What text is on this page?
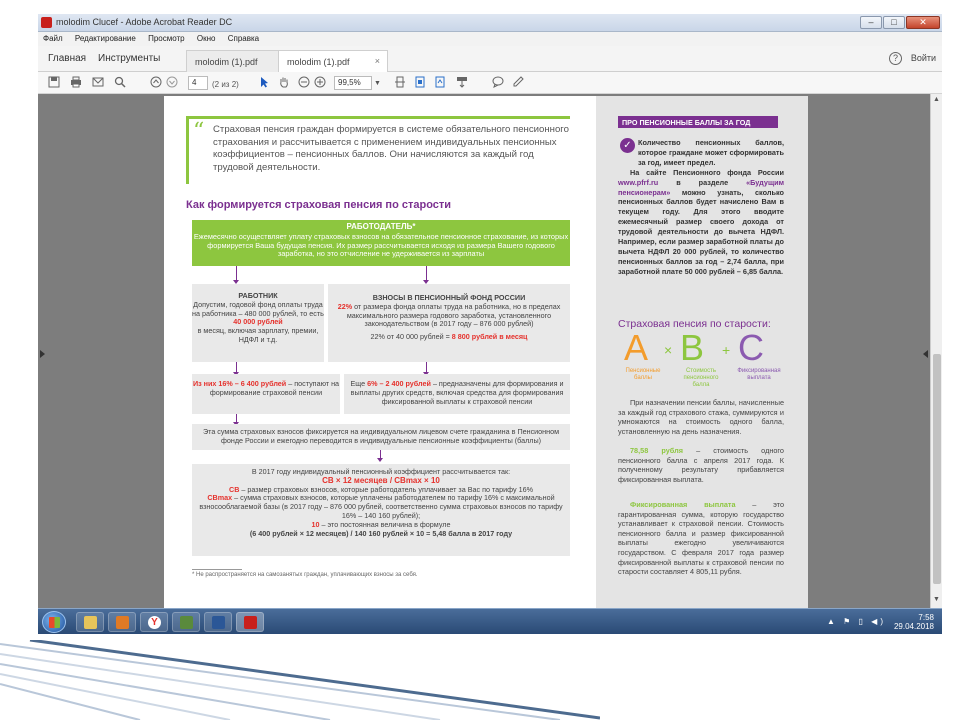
molodim Clucef - Adobe Acrobat Reader DC	–	□	✕
Файл Редактирование Просмотр Окно Справка
Главная Инструменты	molodim (1).pdf	molodim (1).pdf	×	?	Войти
4	(2 из 2)	99,5%	▼
“ Страховая пенсия граждан формируется в системе обязательного пенсионного страхования и рассчитывается с применением индивидуальных пенсионных коэффициентов – пенсионных баллов. Они начисляются за каждый год трудовой деятельности.
Как формируется страховая пенсия по старости
РАБОТОДАТЕЛЬ*
Ежемесячно осуществляет уплату страховых взносов на обязательное пенсионное страхование, из которых формируется Ваша будущая пенсия. Их размер рассчитывается исходя из размера Вашего годового заработка, но это отчисление не удерживается из зарплаты
РАБОТНИК
Допустим, годовой фонд оплаты труда на работника – 480 000 рублей, то есть
40 000 рублей
в месяц, включая зарплату, премии, НДФЛ и т.д.
ВЗНОСЫ В ПЕНСИОННЫЙ ФОНД РОССИИ
22% от размера фонда оплаты труда на работника, но в пределах максимального размера годового заработка, установленного законодательством (в 2017 году – 876 000 рублей)
22% от 40 000 рублей = 8 800 рублей в месяц
Из них 16% – 6 400 рублей – поступают на формирование страховой пенсии
Еще 6% – 2 400 рублей – предназначены для формирования и выплаты других средств, включая средства для формирования фиксированной выплаты к страховой пенсии
Эта сумма страховых взносов фиксируется на индивидуальном лицевом счете гражданина в Пенсионном фонде России и ежегодно переводится в индивидуальные пенсионные коэффициенты (баллы)
В 2017 году индивидуальный пенсионный коэффициент рассчитывается так:
СВ × 12 месяцев / СВmax × 10
СВ – размер страховых взносов, которые работодатель уплачивает за Вас по тарифу 16%
СВmax – сумма страховых взносов, которые уплачены работодателем по тарифу 16% с максимальной взносооблагаемой базы (в 2017 году – 876 000 рублей, соответственно сумма страховых взносов по тарифу 16% – 140 160 рублей);
10 – это постоянная величина в формуле
(6 400 рублей × 12 месяцев) / 140 160 рублей × 10 = 5,48 балла в 2017 году
* Не распространяется на самозанятых граждан, уплачивающих взносы за себя.
ПРО ПЕНСИОННЫЕ БАЛЛЫ ЗА ГОД
✓ Количество пенсионных баллов, которое граждане может сформировать за год, имеет предел.
На сайте Пенсионного фонда России www.pfrf.ru в разделе «Будущим пенсионерам» можно узнать, сколько пенсионных баллов будет начислено Вам в текущем году. Для этого вводите ежемесячный размер своего дохода от трудовой деятельности до вычета НДФЛ. Например, если размер заработной платы до вычета НДФЛ 20 000 рублей, то количество пенсионных баллов за год – 2,74 балла, при заработной плате 50 000 рублей – 6,85 балла.
Страховая пенсия по старости:
А × В + С
Пенсионные баллы
Стоимость пенсионного балла
Фиксированная выплата
При назначении пенсии баллы, начисленные за каждый год страхового стажа, суммируются и умножаются на стоимость одного балла, установленную на день назначения.
78,58 рубля – стоимость одного пенсионного балла с апреля 2017 года. К полученному результату прибавляется фиксированная выплата.
Фиксированная выплата – это гарантированная сумма, которую государство устанавливает к страховой пенсии. Стоимость пенсионного балла и размер фиксированной выплаты ежегодно увеличиваются государством. С февраля 2017 года размер фиксированной выплаты к страховой пенсии по старости составляет 4 805,11 рубля.
▲
▼
Y	▲ ⚑ ▯ ◀)	7:58
29.04.2018
